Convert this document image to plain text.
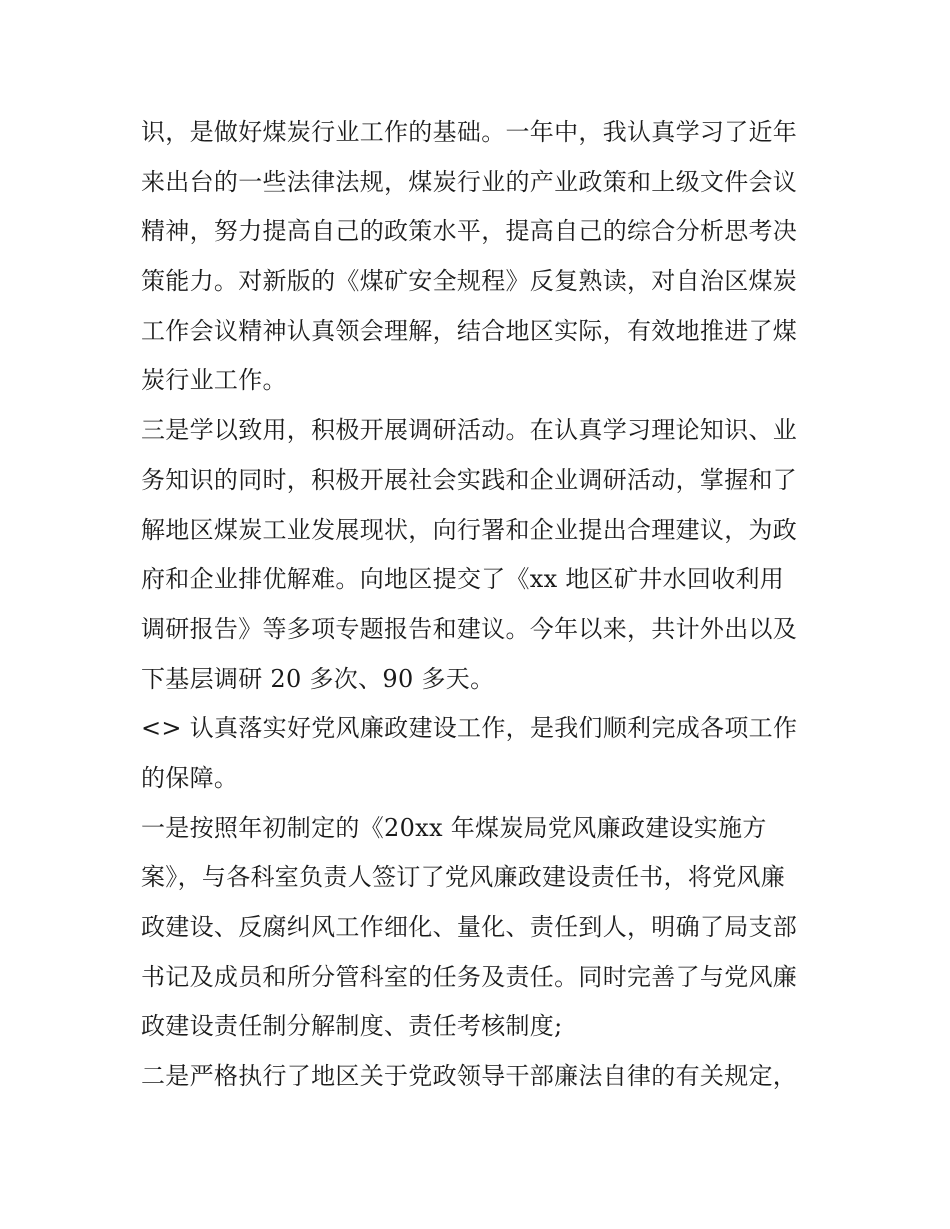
识，是做好煤炭行业工作的基础。一年中，我认真学习了近年
来出台的一些法律法规，煤炭行业的产业政策和上级文件会议
精神，努力提高自己的政策水平，提高自己的综合分析思考决
策能力。对新版的《煤矿安全规程》反复熟读，对自治区煤炭
工作会议精神认真领会理解，结合地区实际，有效地推进了煤
炭行业工作。
三是学以致用，积极开展调研活动。在认真学习理论知识、业
务知识的同时，积极开展社会实践和企业调研活动，掌握和了
解地区煤炭工业发展现状，向行署和企业提出合理建议，为政
府和企业排优解难。向地区提交了《xx 地区矿井水回收利用
调研报告》等多项专题报告和建议。今年以来，共计外出以及
下基层调研 20 多次、90 多天。
<> 认真落实好党风廉政建设工作，是我们顺利完成各项工作
的保障。
一是按照年初制定的《20xx 年煤炭局党风廉政建设实施方
案》，与各科室负责人签订了党风廉政建设责任书，将党风廉
政建设、反腐纠风工作细化、量化、责任到人，明确了局支部
书记及成员和所分管科室的任务及责任。同时完善了与党风廉
政建设责任制分解制度、责任考核制度;
二是严格执行了地区关于党政领导干部廉法自律的有关规定，
